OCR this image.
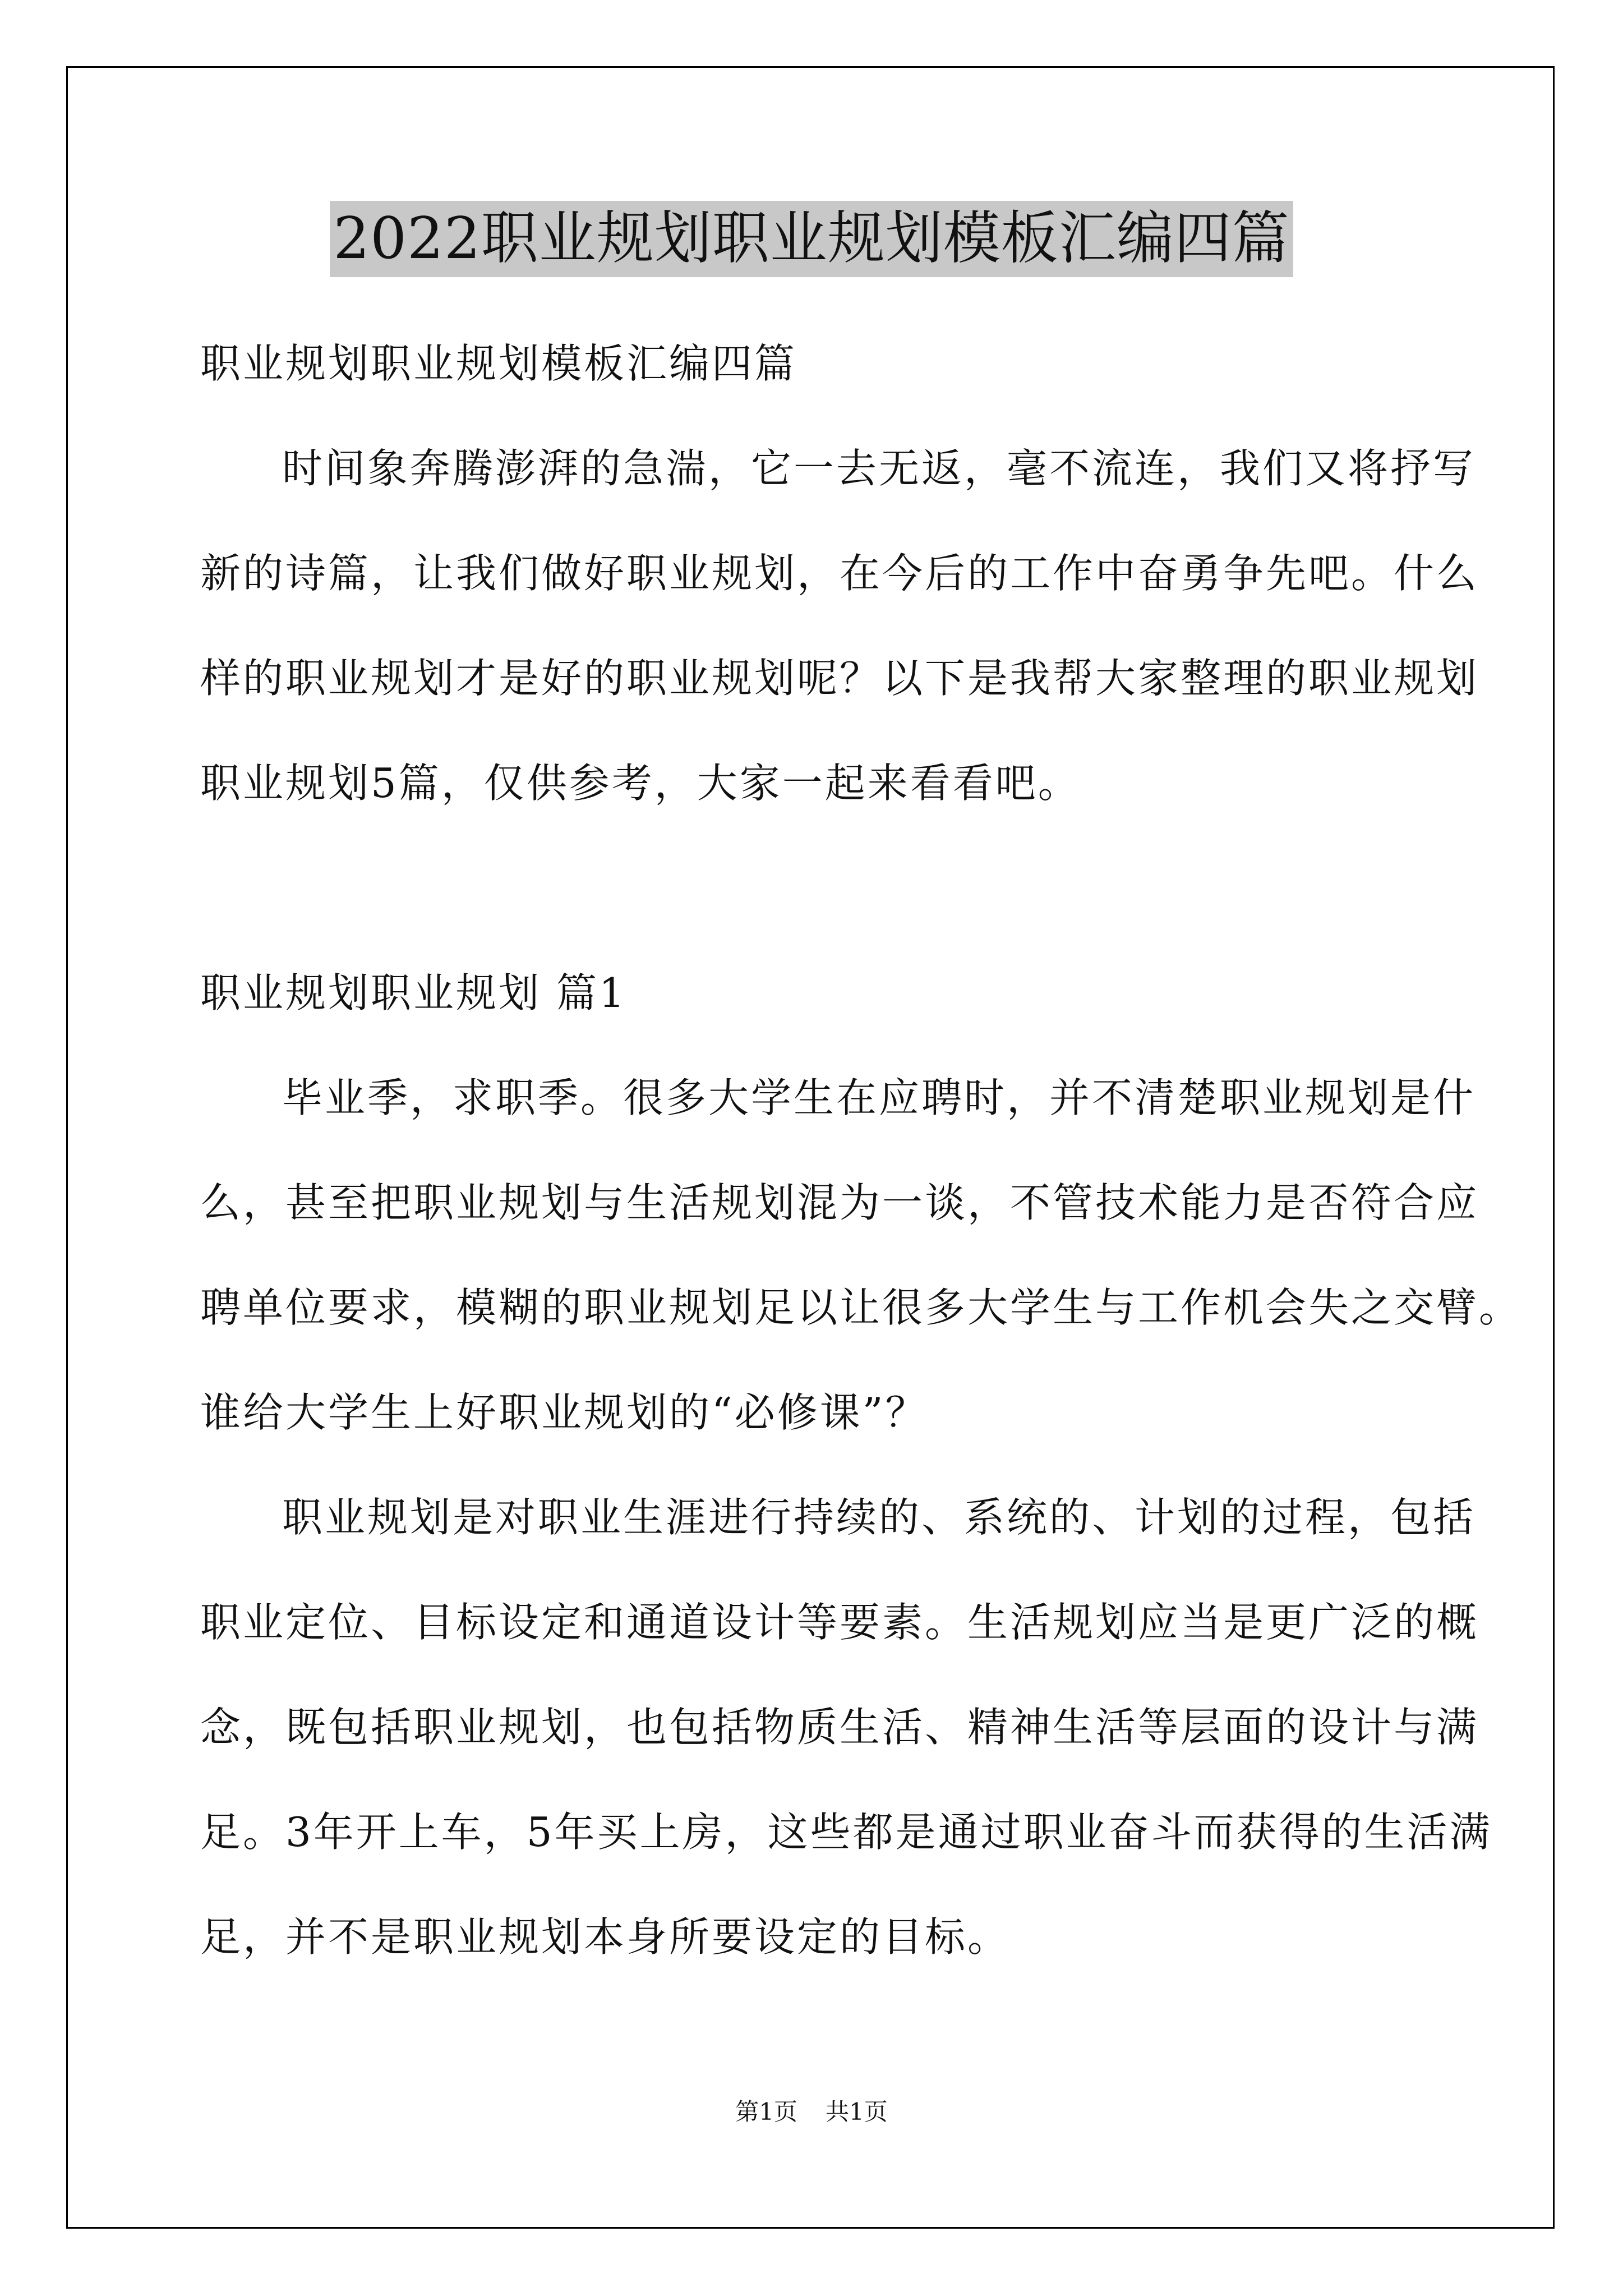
2022职业规划职业规划模板汇编四篇
职业规划职业规划模板汇编四篇
时间象奔腾澎湃的急湍，它一去无返，毫不流连，我们又将抒写
新的诗篇，让我们做好职业规划，在今后的工作中奋勇争先吧。什么
样的职业规划才是好的职业规划呢？以下是我帮大家整理的职业规划
职业规划5篇，仅供参考，大家一起来看看吧。
职业规划职业规划 篇1
毕业季，求职季。很多大学生在应聘时，并不清楚职业规划是什
么，甚至把职业规划与生活规划混为一谈，不管技术能力是否符合应
聘单位要求，模糊的职业规划足以让很多大学生与工作机会失之交臂。
谁给大学生上好职业规划的“必修课”？
职业规划是对职业生涯进行持续的、系统的、计划的过程，包括
职业定位、目标设定和通道设计等要素。生活规划应当是更广泛的概
念，既包括职业规划，也包括物质生活、精神生活等层面的设计与满
足。3年开上车，5年买上房，这些都是通过职业奋斗而获得的生活满
足，并不是职业规划本身所要设定的目标。
第1页 共1页
